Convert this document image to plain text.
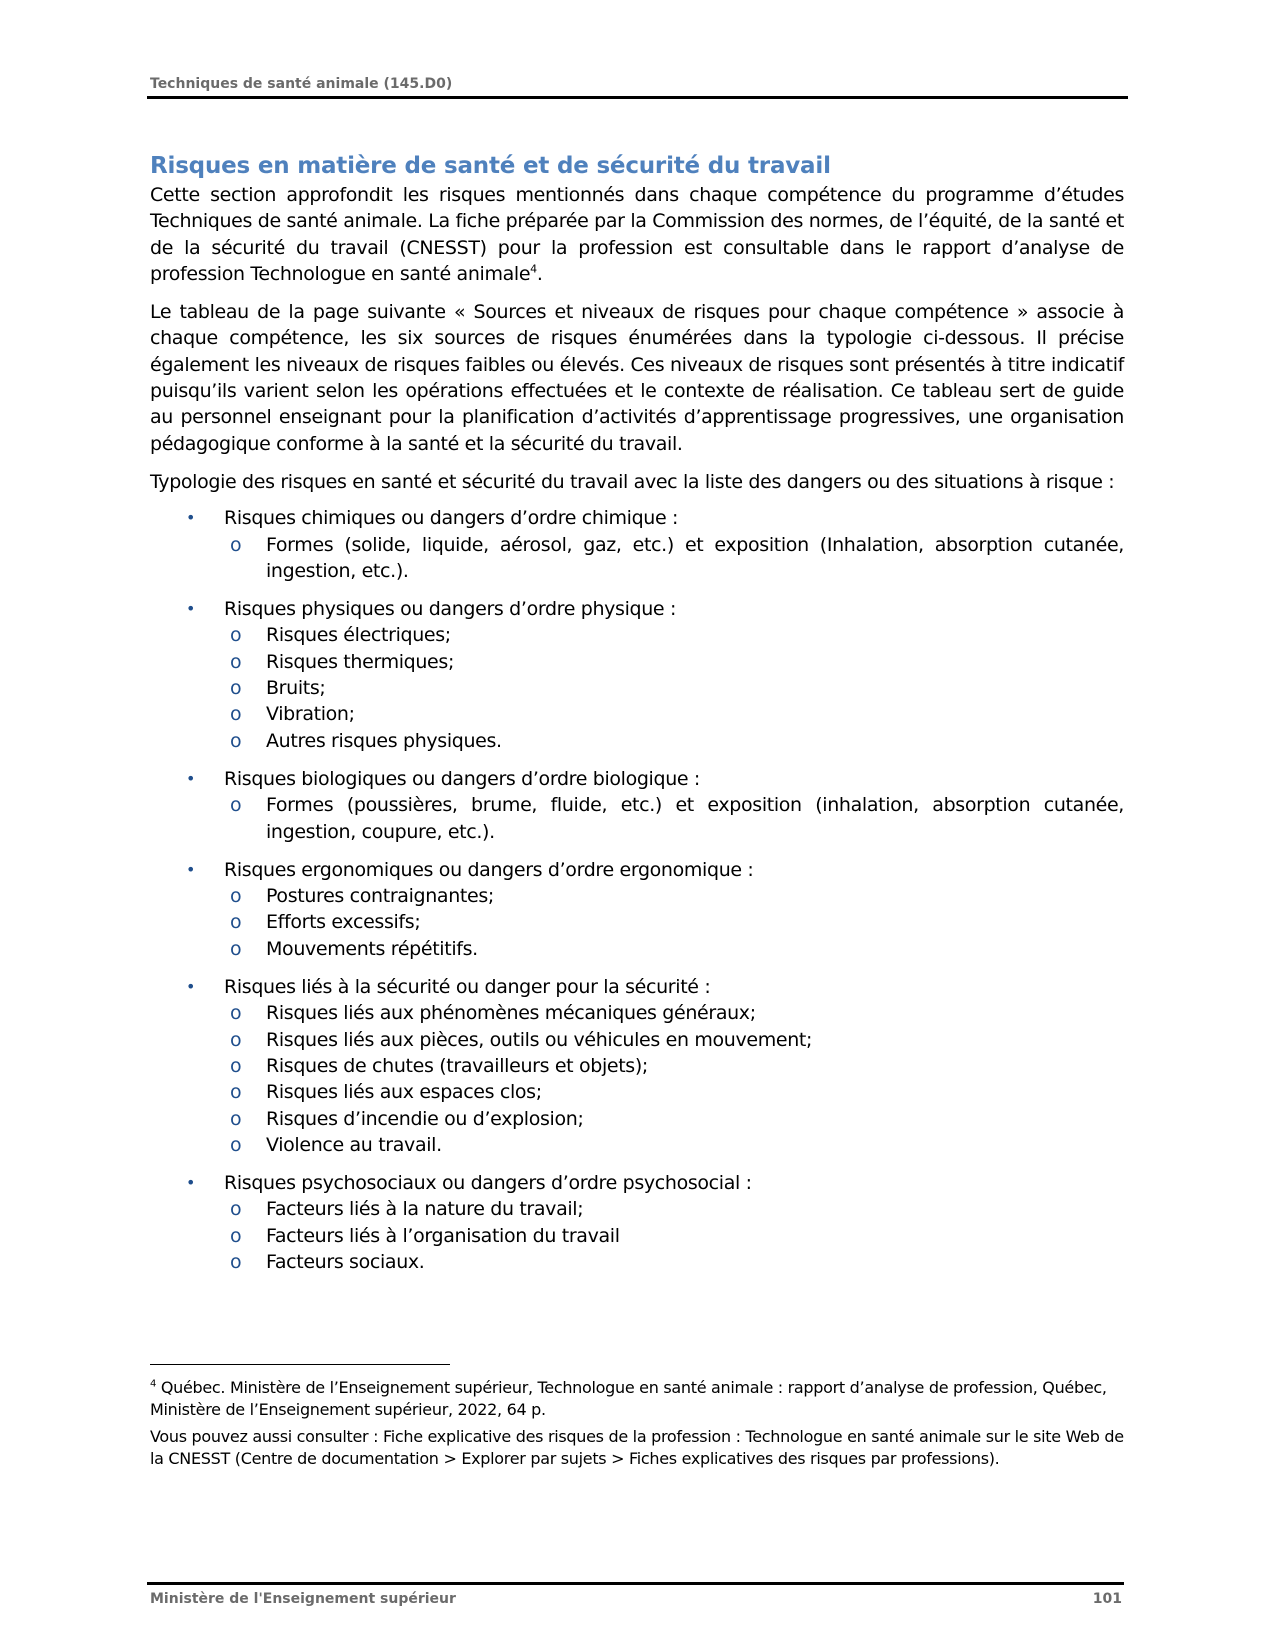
Techniques de santé animale (145.D0)
Risques en matière de santé et de sécurité du travail

Cette section approfondit les risques mentionnés dans chaque compétence du programme d’études Techniques de santé animale. La fiche préparée par la Commission des normes, de l’équité, de la santé et de la sécurité du travail (CNESST) pour la profession est consultable dans le rapport d’analyse de profession Technologue en santé animale$^4$.

Le tableau de la page suivante « Sources et niveaux de risques pour chaque compétence » associe à chaque compétence, les six sources de risques énumérées dans la typologie ci-dessous. Il précise également les niveaux de risques faibles ou élevés. Ces niveaux de risques sont présentés à titre indicatif puisqu’ils varient selon les opérations effectuées et le contexte de réalisation. Ce tableau sert de guide au personnel enseignant pour la planification d’activités d’apprentissage progressives, une organisation pédagogique conforme à la santé et la sécurité du travail.

Typologie des risques en santé et sécurité du travail avec la liste des dangers ou des situations à risque :

• Risques chimiques ou dangers d’ordre chimique :
o Formes (solide, liquide, aérosol, gaz, etc.) et exposition (Inhalation, absorption cutanée, ingestion, etc.).
• Risques physiques ou dangers d’ordre physique :
o Risques électriques;
o Risques thermiques;
o Bruits;
o Vibration;
o Autres risques physiques.
• Risques biologiques ou dangers d’ordre biologique :
o Formes (poussières, brume, fluide, etc.) et exposition (inhalation, absorption cutanée, ingestion, coupure, etc.).
• Risques ergonomiques ou dangers d’ordre ergonomique :
o Postures contraignantes;
o Efforts excessifs;
o Mouvements répétitifs.
• Risques liés à la sécurité ou danger pour la sécurité :
o Risques liés aux phénomènes mécaniques généraux;
o Risques liés aux pièces, outils ou véhicules en mouvement;
o Risques de chutes (travailleurs et objets);
o Risques liés aux espaces clos;
o Risques d’incendie ou d’explosion;
o Violence au travail.
• Risques psychosociaux ou dangers d’ordre psychosocial :
o Facteurs liés à la nature du travail;
o Facteurs liés à l’organisation du travail
o Facteurs sociaux.

$^4$ Québec. Ministère de l’Enseignement supérieur, Technologue en santé animale : rapport d’analyse de profession, Québec, Ministère de l’Enseignement supérieur, 2022, 64 p.

Vous pouvez aussi consulter : Fiche explicative des risques de la profession : Technologue en santé animale sur le site Web de la CNESST (Centre de documentation > Explorer par sujets > Fiches explicatives des risques par professions).

Ministère de l'Enseignement supérieur	101
